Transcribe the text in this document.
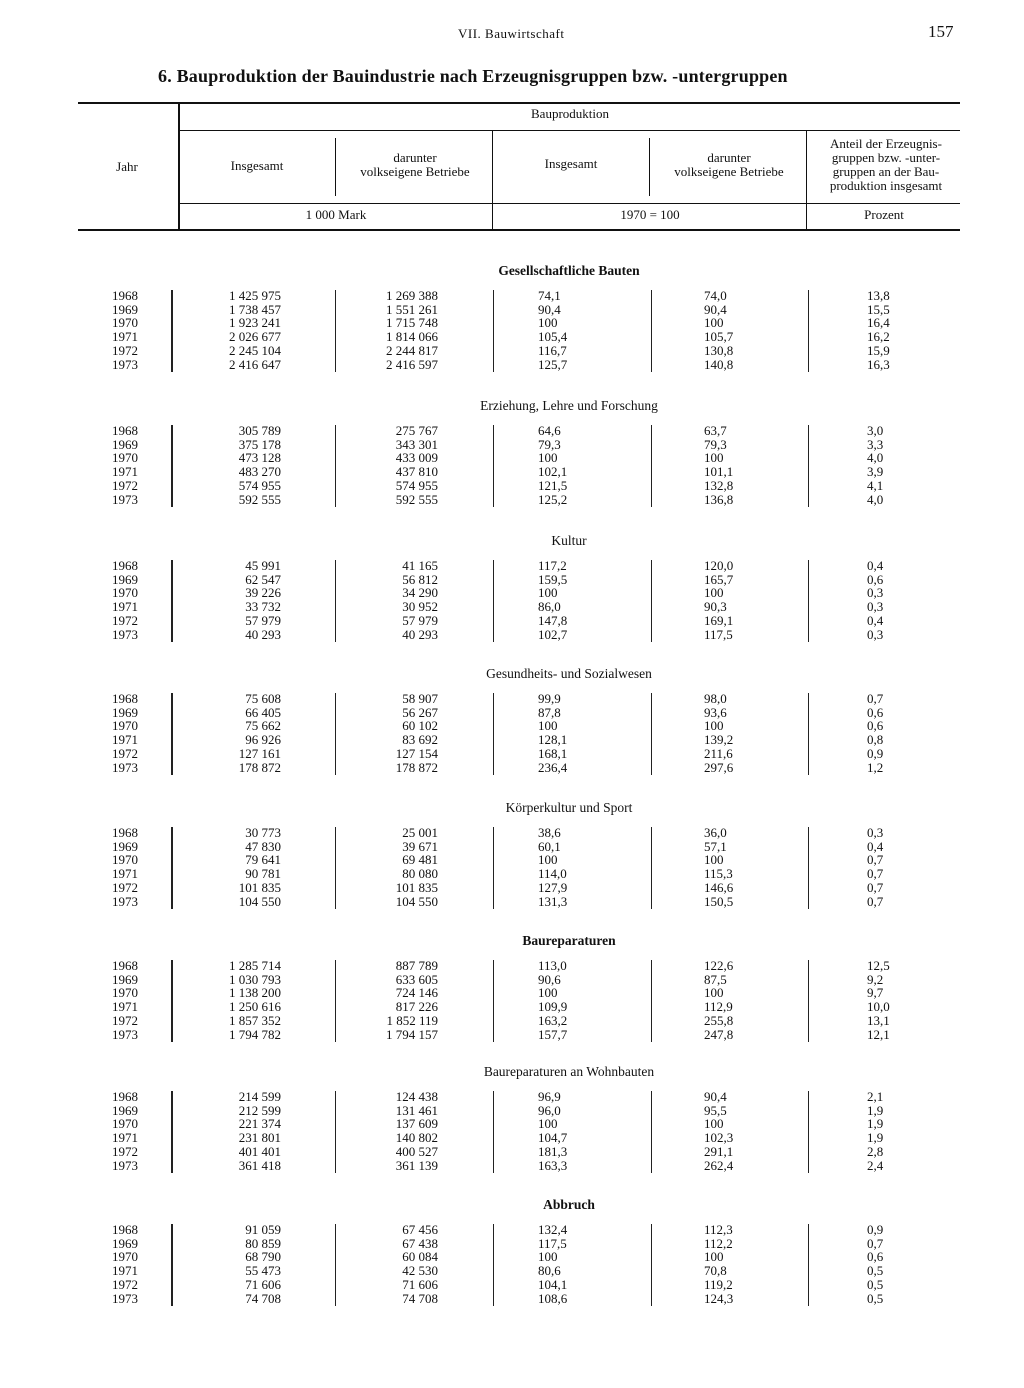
VII. Bauwirtschaft	157
6. Bauproduktion der Bauindustrie nach Erzeugnisgruppen bzw. -untergruppen
Bauproduktion
Jahr	Insgesamt
darunter
volkseigene Betriebe
Insgesamt	darunter
volkseigene Betriebe
Anteil der Erzeugnis-
gruppen bzw. -unter-
gruppen an der Bau-
produktion insgesamt
1 000 Mark	1970 = 100	Prozent
Gesellschaftliche Bauten
1968	1 425 975	1 269 388	74,1	74,0	13,8
1969	1 738 457	1 551 261	90,4	90,4	15,5
1970	1 923 241	1 715 748	100	100	16,4
1971	2 026 677	1 814 066	105,4	105,7	16,2
1972	2 245 104	2 244 817	116,7	130,8	15,9
1973	2 416 647	2 416 597	125,7	140,8	16,3
Erziehung, Lehre und Forschung
1968	305 789	275 767	64,6	63,7	3,0
1969	375 178	343 301	79,3	79,3	3,3
1970	473 128	433 009	100	100	4,0
1971	483 270	437 810	102,1	101,1	3,9
1972	574 955	574 955	121,5	132,8	4,1
1973	592 555	592 555	125,2	136,8	4,0
Kultur
1968	45 991	41 165	117,2	120,0	0,4
1969	62 547	56 812	159,5	165,7	0,6
1970	39 226	34 290	100	100	0,3
1971	33 732	30 952	86,0	90,3	0,3
1972	57 979	57 979	147,8	169,1	0,4
1973	40 293	40 293	102,7	117,5	0,3
Gesundheits- und Sozialwesen
1968	75 608	58 907	99,9	98,0	0,7
1969	66 405	56 267	87,8	93,6	0,6
1970	75 662	60 102	100	100	0,6
1971	96 926	83 692	128,1	139,2	0,8
1972	127 161	127 154	168,1	211,6	0,9
1973	178 872	178 872	236,4	297,6	1,2
Körperkultur und Sport
1968	30 773	25 001	38,6	36,0	0,3
1969	47 830	39 671	60,1	57,1	0,4
1970	79 641	69 481	100	100	0,7
1971	90 781	80 080	114,0	115,3	0,7
1972	101 835	101 835	127,9	146,6	0,7
1973	104 550	104 550	131,3	150,5	0,7
Baureparaturen
1968	1 285 714	887 789	113,0	122,6	12,5
1969	1 030 793	633 605	90,6	87,5	9,2
1970	1 138 200	724 146	100	100	9,7
1971	1 250 616	817 226	109,9	112,9	10,0
1972	1 857 352	1 852 119	163,2	255,8	13,1
1973	1 794 782	1 794 157	157,7	247,8	12,1
Baureparaturen an Wohnbauten
1968	214 599	124 438	96,9	90,4	2,1
1969	212 599	131 461	96,0	95,5	1,9
1970	221 374	137 609	100	100	1,9
1971	231 801	140 802	104,7	102,3	1,9
1972	401 401	400 527	181,3	291,1	2,8
1973	361 418	361 139	163,3	262,4	2,4
Abbruch
1968	91 059	67 456	132,4	112,3	0,9
1969	80 859	67 438	117,5	112,2	0,7
1970	68 790	60 084	100	100	0,6
1971	55 473	42 530	80,6	70,8	0,5
1972	71 606	71 606	104,1	119,2	0,5
1973	74 708	74 708	108,6	124,3	0,5
